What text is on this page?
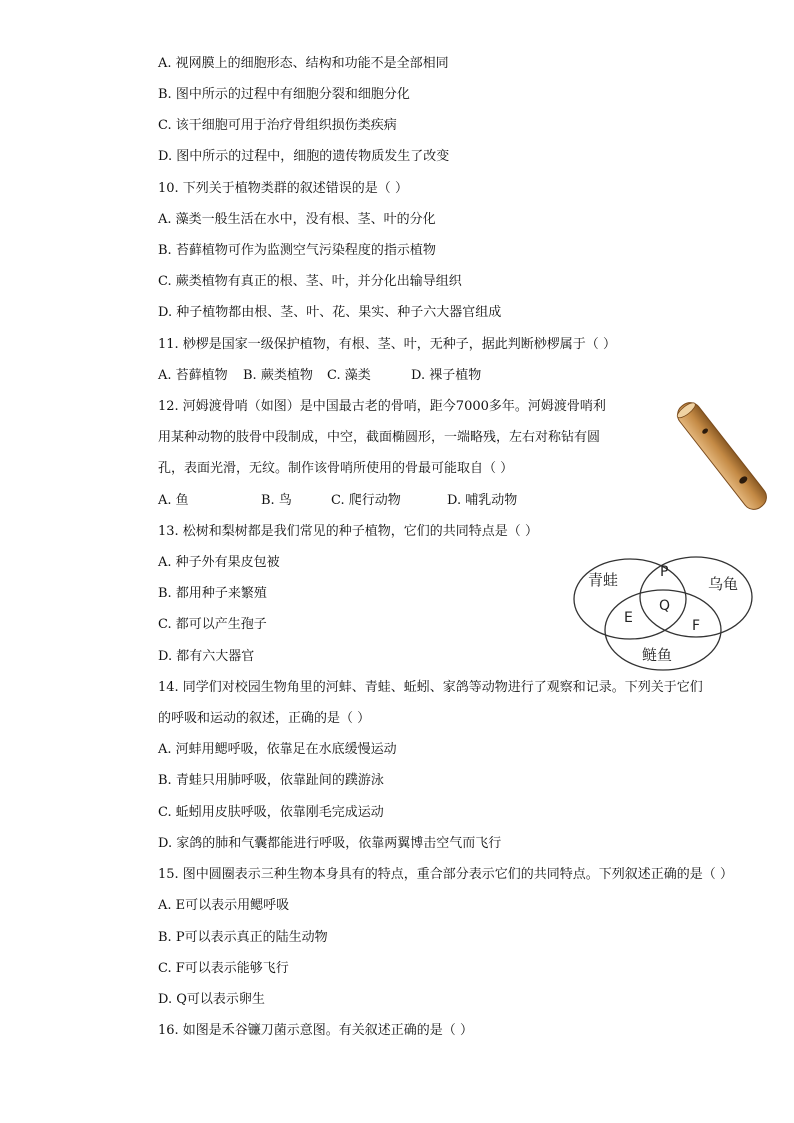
A. 视网膜上的细胞形态、结构和功能不是全部相同
B. 图中所示的过程中有细胞分裂和细胞分化
C. 该干细胞可用于治疗骨组织损伤类疾病
D. 图中所示的过程中，细胞的遗传物质发生了改变
10. 下列关于植物类群的叙述错误的是（ ）
A. 藻类一般生活在水中，没有根、茎、叶的分化
B. 苔藓植物可作为监测空气污染程度的指示植物
C. 蕨类植物有真正的根、茎、叶，并分化出输导组织
D. 种子植物都由根、茎、叶、花、果实、种子六大器官组成
11. 桫椤是国家一级保护植物，有根、茎、叶，无种子，据此判断桫椤属于（ ）
A. 苔藓植物 B. 蕨类植物 C. 藻类	D. 裸子植物
12. 河姆渡骨哨（如图）是中国最古老的骨哨，距今7000多年。河姆渡骨哨利
用某种动物的肢骨中段制成，中空，截面椭圆形，一端略残，左右对称钻有圆
孔，表面光滑，无纹。制作该骨哨所使用的骨最可能取自（ ）
A. 鱼	B. 鸟	C. 爬行动物	D. 哺乳动物
13. 松树和梨树都是我们常见的种子植物，它们的共同特点是（ ）
A. 种子外有果皮包被
B. 都用种子来繁殖
C. 都可以产生孢子
D. 都有六大器官
14. 同学们对校园生物角里的河蚌、青蛙、蚯蚓、家鸽等动物进行了观察和记录。下列关于它们
的呼吸和运动的叙述，正确的是（ ）
A. 河蚌用鳃呼吸，依靠足在水底缓慢运动
B. 青蛙只用肺呼吸，依靠趾间的蹼游泳
C. 蚯蚓用皮肤呼吸，依靠刚毛完成运动
D. 家鸽的肺和气囊都能进行呼吸，依靠两翼博击空气而飞行
15. 图中圆圈表示三种生物本身具有的特点，重合部分表示它们的共同特点。下列叙述正确的是（ ）
A. E可以表示用鳃呼吸
B. P可以表示真正的陆生动物
C. F可以表示能够飞行
D. Q可以表示卵生
16. 如图是禾谷镰刀菌示意图。有关叙述正确的是（ ）
青蛙	乌龟
鲢鱼
P
Q
E	F
